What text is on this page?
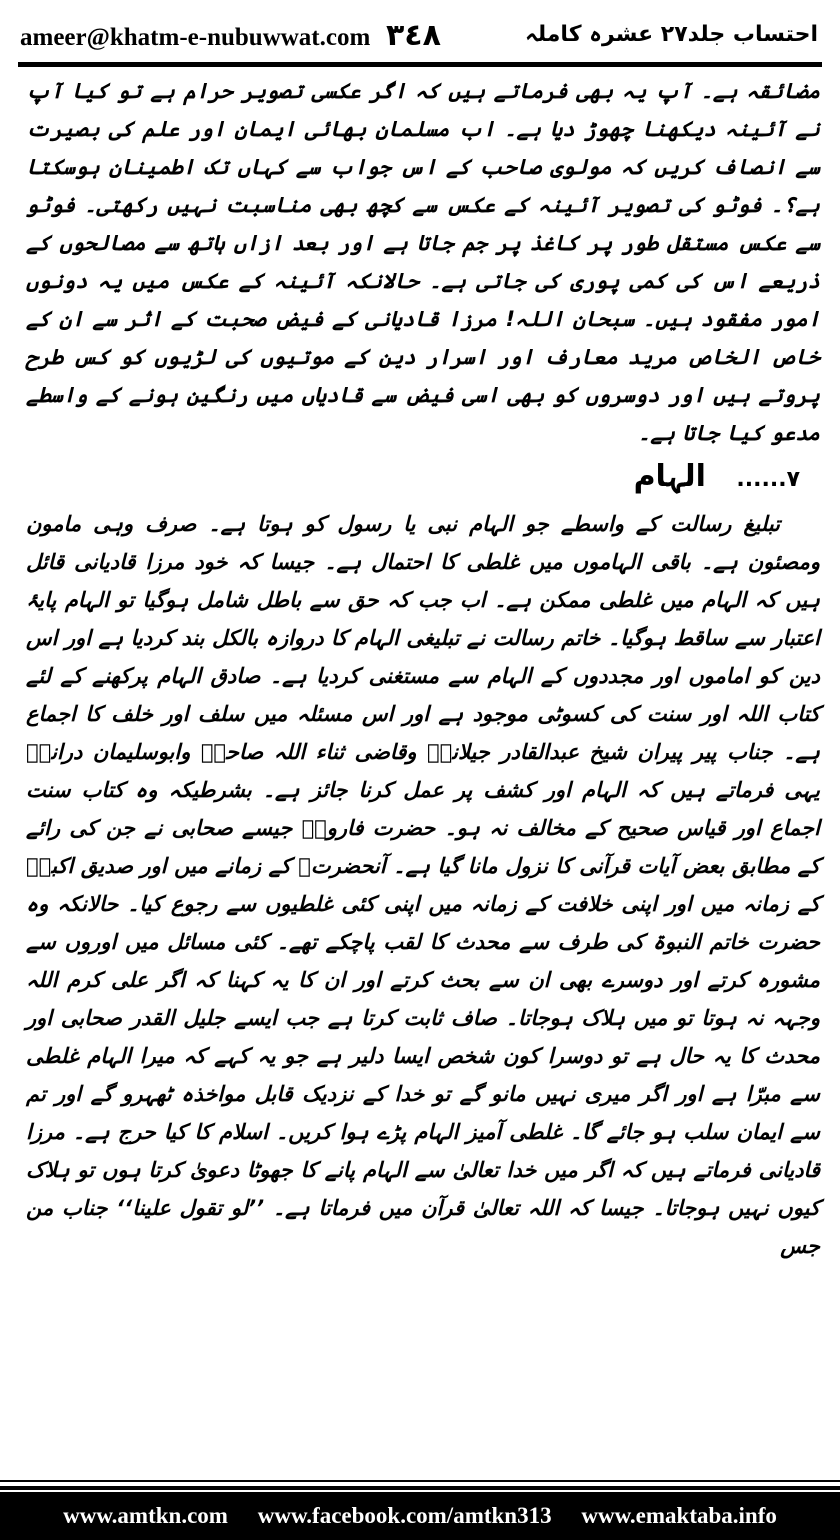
ameer@khatm-e-nubuwwat.com ٣٤٨	احتساب جلد۲۷ عشرہ کاملہ

مضائقہ ہے۔ آپ یہ بھی فرماتے ہیں کہ اگر عکسی تصویر حرام ہے تو کیا آپ نے آئینہ دیکھنا چھوڑ دیا ہے۔ اب مسلمان بھائی ایمان اور علم کی بصیرت سے انصاف کریں کہ مولوی صاحب کے اس جواب سے کہاں تک اطمینان ہوسکتا ہے؟۔ فوٹو کی تصویر آئینہ کے عکس سے کچھ بھی مناسبت نہیں رکھتی۔ فوٹو سے عکس مستقل طور پر کاغذ پر جم جاتا ہے اور بعد ازاں ہاتھ سے مصالحوں کے ذریعے اس کی کمی پوری کی جاتی ہے۔ حالانکہ آئینہ کے عکس میں یہ دونوں امور مفقود ہیں۔ سبحان اللہ! مرزا قادیانی کے فیض صحبت کے اثر سے ان کے خاص الخاص مرید معارف اور اسرار دین کے موتیوں کی لڑیوں کو کس طرح پروتے ہیں اور دوسروں کو بھی اسی فیض سے قادیاں میں رنگین ہونے کے واسطے مدعو کیا جاتا ہے۔

۷...... الہام

تبلیغ رسالت کے واسطے جو الہام نبی یا رسول کو ہوتا ہے۔ صرف وہی مامون ومصئون ہے۔ باقی الہاموں میں غلطی کا احتمال ہے۔ جیسا کہ خود مرزا قادیانی قائل ہیں کہ الہام میں غلطی ممکن ہے۔ اب جب کہ حق سے باطل شامل ہوگیا تو الہام پایۂ اعتبار سے ساقط ہوگیا۔ خاتم رسالت نے تبلیغی الہام کا دروازہ بالکل بند کردیا ہے اور اس دین کو اماموں اور مجددوں کے الہام سے مستغنی کردیا ہے۔ صادق الہام پرکھنے کے لئے کتاب اللہ اور سنت کی کسوٹی موجود ہے اور اس مسئلہ میں سلف اور خلف کا اجماع ہے۔ جناب پیر پیران شیخ عبدالقادر جیلانیؒ وقاضی ثناء اللہ صاحبؒ وابوسلیمان درانیؒ یہی فرماتے ہیں کہ الہام اور کشف پر عمل کرنا جائز ہے۔ بشرطیکہ وہ کتاب سنت اجماع اور قیاس صحیح کے مخالف نہ ہو۔ حضرت فاروقؓ جیسے صحابی نے جن کی رائے کے مطابق بعض آیات قرآنی کا نزول مانا گیا ہے۔ آنحضرتﷺ کے زمانے میں اور صدیق اکبرؓ کے زمانہ میں اور اپنی خلافت کے زمانہ میں اپنی کئی غلطیوں سے رجوع کیا۔ حالانکہ وہ حضرت خاتم النبوۃ کی طرف سے محدث کا لقب پاچکے تھے۔ کئی مسائل میں اوروں سے مشورہ کرتے اور دوسرے بھی ان سے بحث کرتے اور ان کا یہ کہنا کہ اگر علی کرم اللہ وجہہ نہ ہوتا تو میں ہلاک ہوجاتا۔ صاف ثابت کرتا ہے جب ایسے جلیل القدر صحابی اور محدث کا یہ حال ہے تو دوسرا کون شخص ایسا دلیر ہے جو یہ کہے کہ میرا الہام غلطی سے مبرّا ہے اور اگر میری نہیں مانو گے تو خدا کے نزدیک قابل مواخذہ ٹھہرو گے اور تم سے ایمان سلب ہو جائے گا۔ غلطی آمیز الہام پڑے ہوا کریں۔ اسلام کا کیا حرج ہے۔ مرزا قادیانی فرماتے ہیں کہ اگر میں خدا تعالیٰ سے الہام پانے کا جھوٹا دعویٰ کرتا ہوں تو ہلاک کیوں نہیں ہوجاتا۔ جیسا کہ اللہ تعالیٰ قرآن میں فرماتا ہے۔ ’’لو تقول علینا‘‘ جناب من جس

www.amtkn.com www.facebook.com/amtkn313 www.emaktaba.info
